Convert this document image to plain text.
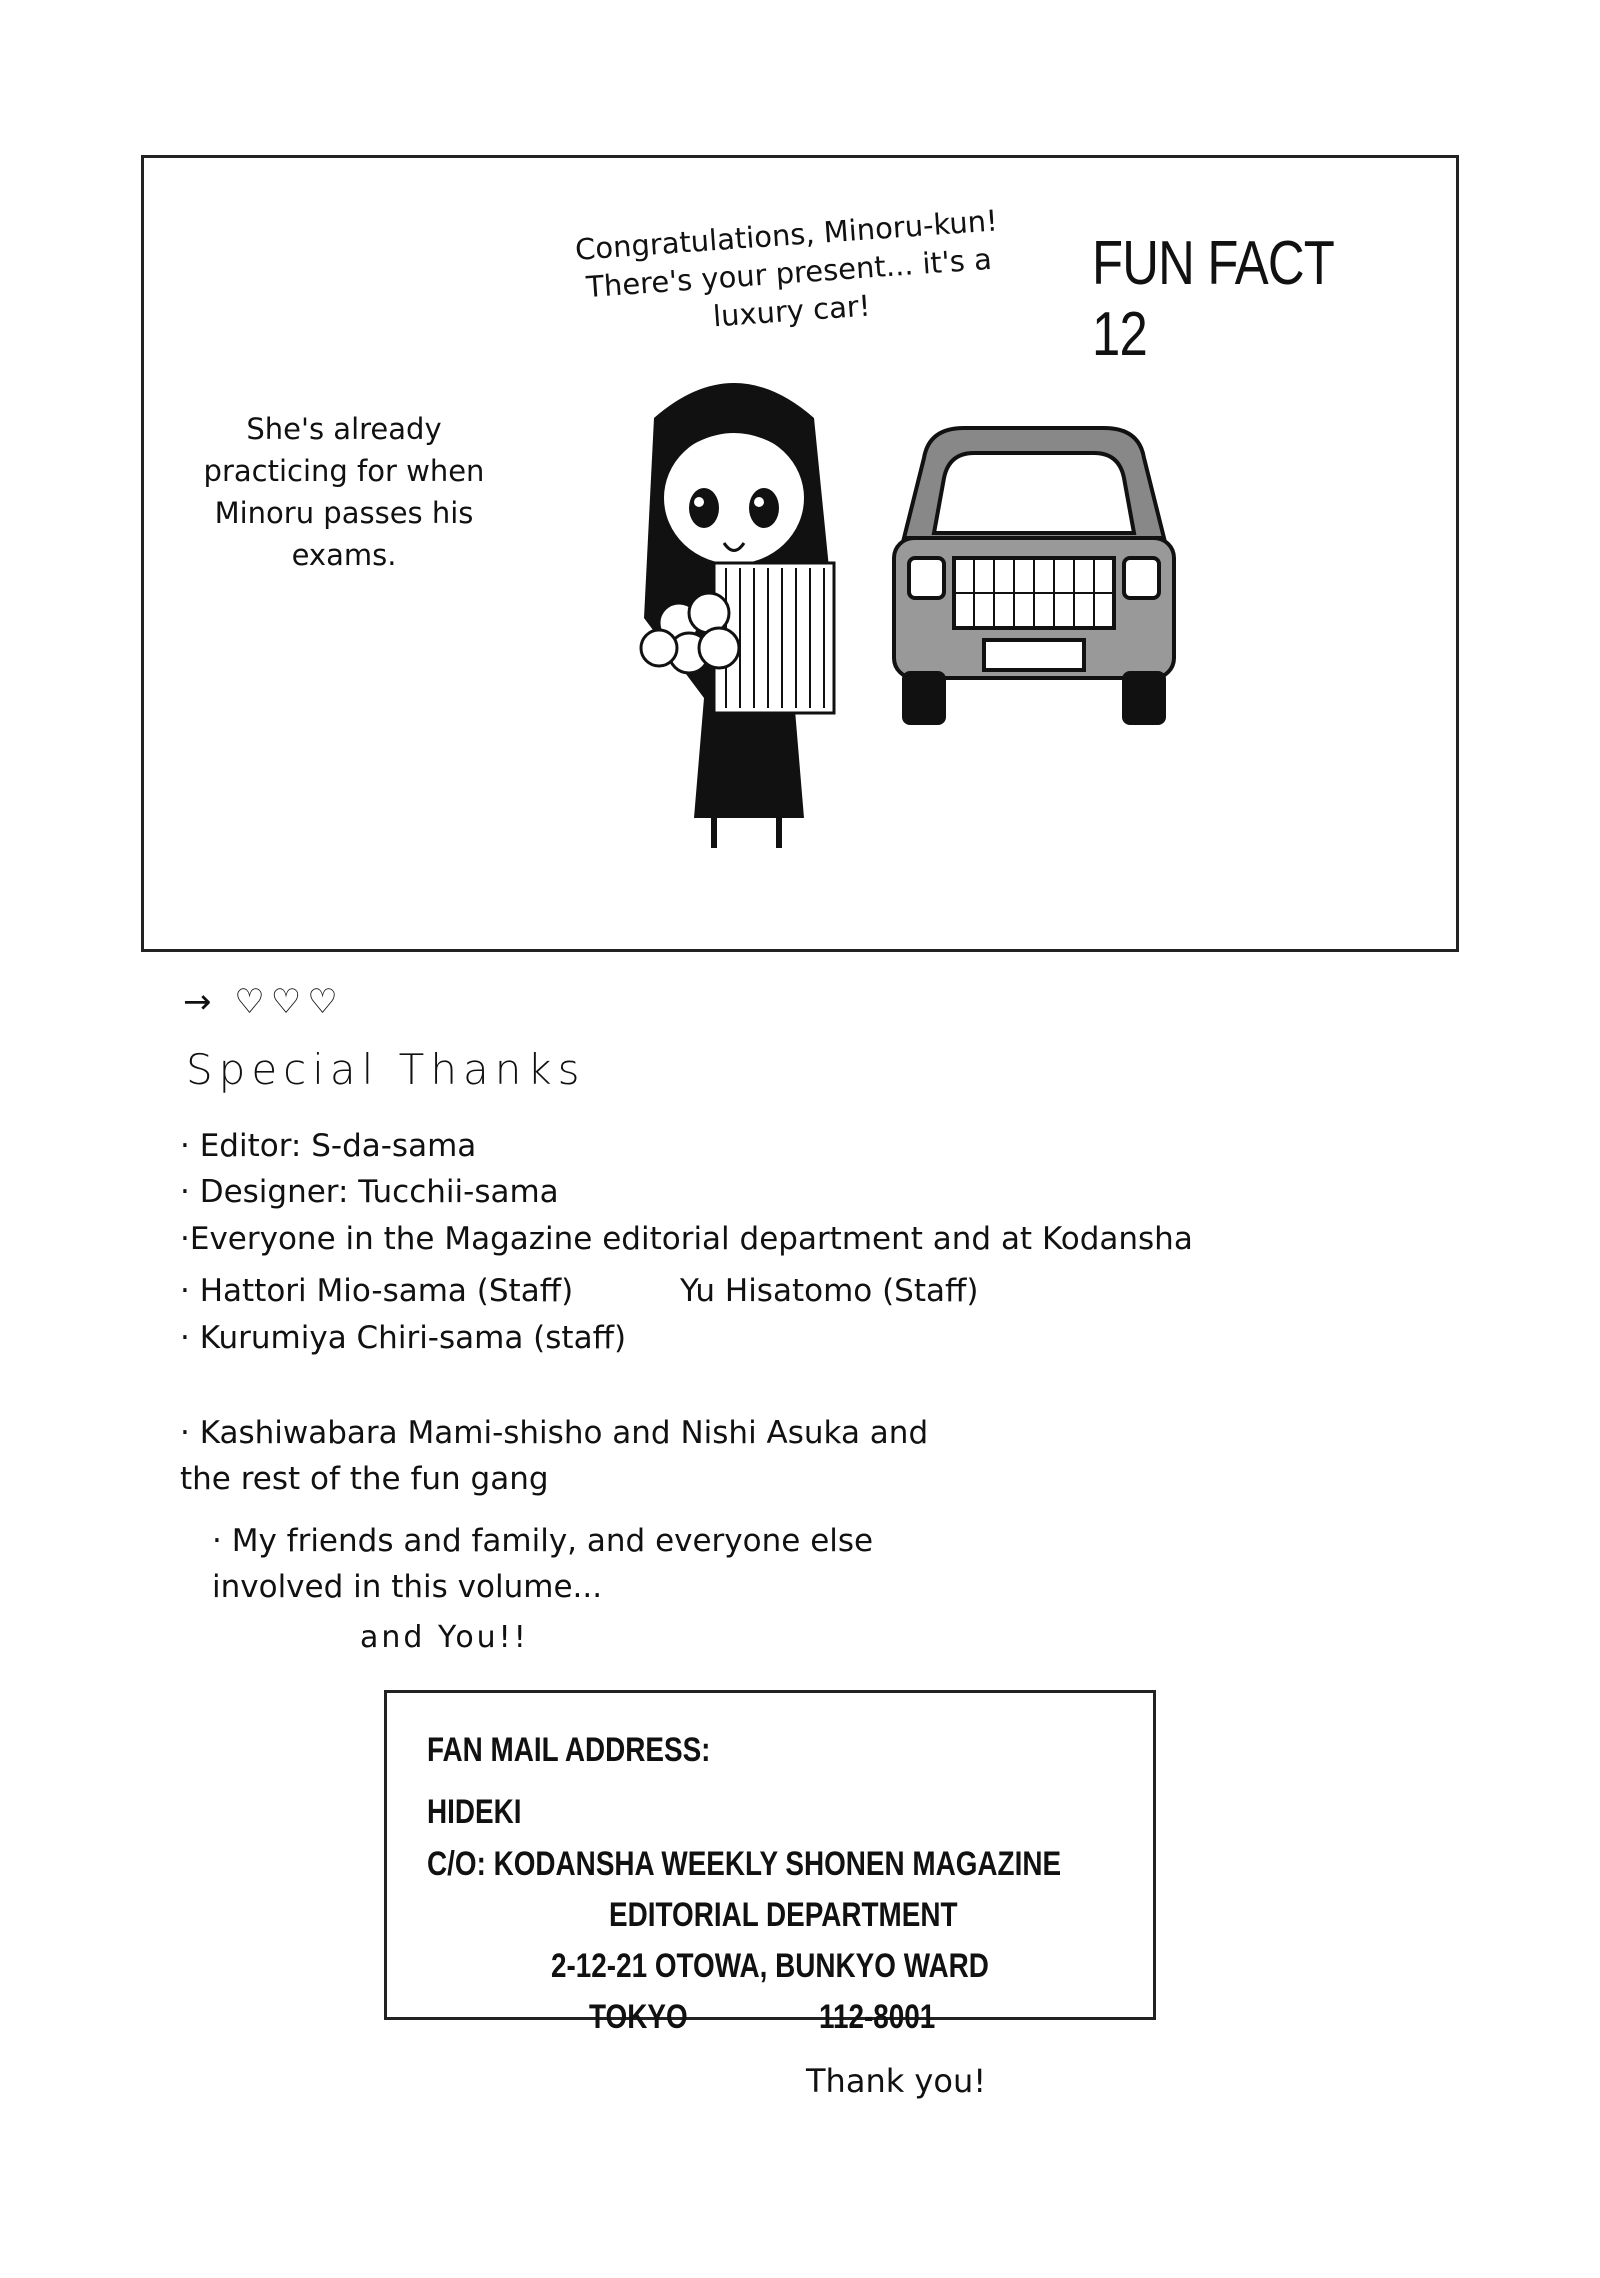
FUN FACT 12
Congratulations, Minoru-kun! There's your present... it's a luxury car!
She's already practicing for when Minoru passes his exams.
→ ♡♡♡
Special Thanks
· Editor: S-da-sama
· Designer: Tucchii-sama
·Everyone in the Magazine editorial department and at Kodansha
· Hattori Mio-sama (Staff)	Yu Hisatomo (Staff)
· Kurumiya Chiri-sama (staff)
· Kashiwabara Mami-shisho and Nishi Asuka and the rest of the fun gang
· My friends and family, and everyone else involved in this volume...
and You!!
FAN MAIL ADDRESS:
HIDEKI
C/O: KODANSHA WEEKLY SHONEN MAGAZINE
EDITORIAL DEPARTMENT
2-12-21 OTOWA, BUNKYO WARD
TOKYO	112-8001
Thank you!
